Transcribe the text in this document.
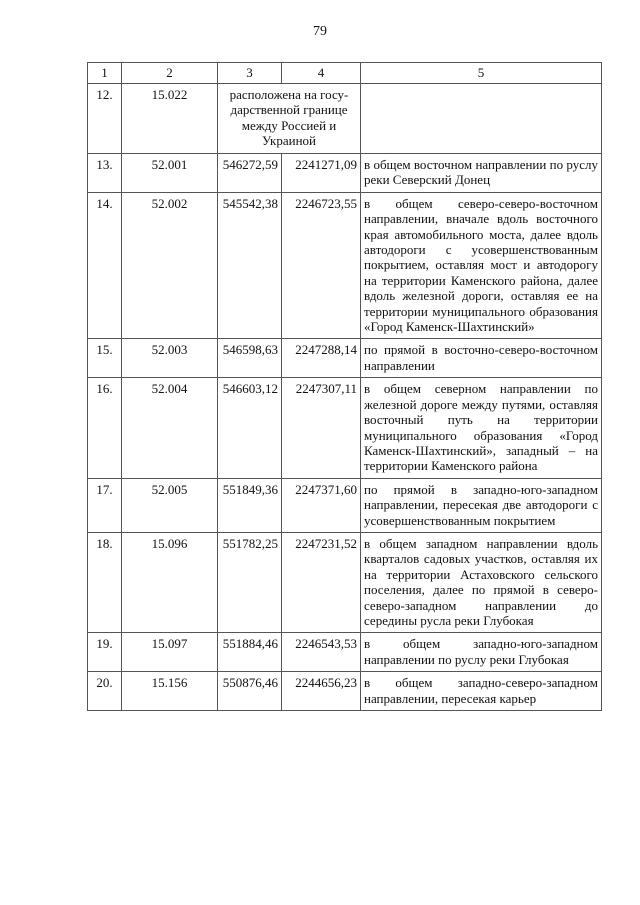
79
1	2	3	4	5
12.	15.022	расположена на госу-
дарственной границе
между Россией и
Украиной		
13.	52.001	546272,59	2241271,09	в общем восточном направлении по руслу реки Северский Донец
14.	52.002	545542,38	2246723,55	в общем северо-северо-восточном направлении, вначале вдоль восточного края автомобильного моста, далее вдоль автодороги с усовершенствованным покрытием, оставляя мост и автодорогу на территории Каменского района, далее вдоль железной дороги, оставляя ее на территории муниципального образования «Город Каменск-Шахтинский»
15.	52.003	546598,63	2247288,14	по прямой в восточно-северо-восточном направлении
16.	52.004	546603,12	2247307,11	в общем северном направлении по железной дороге между путями, оставляя восточный путь на территории муниципального образования «Город Каменск-Шахтинский», западный – на территории Каменского района
17.	52.005	551849,36	2247371,60	по прямой в западно-юго-западном направлении, пересекая две автодороги с усовершенствованным покрытием
18.	15.096	551782,25	2247231,52	в общем западном направлении вдоль кварталов садовых участков, оставляя их на территории Астаховского сельского поселения, далее по прямой в северо-северо-западном направлении до середины русла реки Глубокая
19.	15.097	551884,46	2246543,53	в общем западно-юго-западном направлении по руслу реки Глубокая
20.	15.156	550876,46	2244656,23	в общем западно-северо-западном направлении, пересекая карьер
